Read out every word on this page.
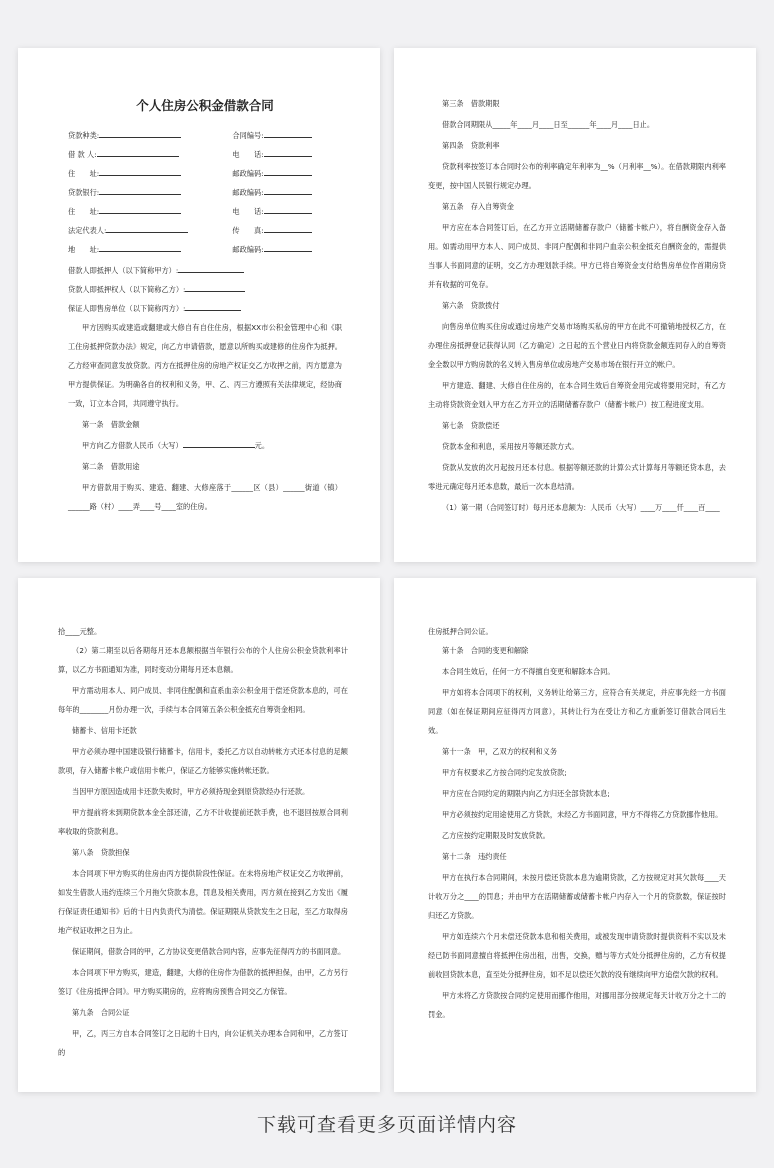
个人住房公积金借款合同
贷款种类:	合同编号:
借 款 人:	电　　话:
住　　址:	邮政编码:
贷款银行:	邮政编码:
住　　址:	电　　话:
法定代表人:	传　　真:
地　　址:	邮政编码:
借款人即抵押人（以下简称甲方）:
贷款人即抵押权人（以下简称乙方）:
保证人即售房单位（以下简称丙方）:

甲方因购买或建造或翻建或大修自有自住住房，根据XX市公积金管理中心和《职工住房抵押贷款办法》规定，向乙方申请借款，愿意以所购买或建修的住房作为抵押。乙方经审查同意发放贷款。丙方在抵押住房的房地产权证交乙方收押之前，丙方愿意为甲方提供保证。为明确各自的权利和义务，甲、乙、丙三方遵照有关法律规定，经协商一致，订立本合同，共同遵守执行。

第一条　借款金额

甲方向乙方借款人民币（大写）	元。

第二条　借款用途

甲方借款用于购买、建造、翻建、大修座落于______区（县）______街道（镇）______路（村）____弄____号____室的住房。

第三条　借款期限

借款合同期限从_____年____月____日至______年____月____日止。

第四条　贷款利率

贷款利率按签订本合同时公布的利率确定年利率为__%（月利率__%）。在借款期限内利率变更，按中国人民银行规定办理。

第五条　存入自筹资金

甲方应在本合同签订后，在乙方开立活期储蓄存款户（储蓄卡帐户），将自酬资金存入备用。如需动用甲方本人、同户成员、非同户配偶和非同户血亲公积金抵充自酬资金的，需提供当事人书面同意的证明，交乙方办理划款手续。甲方已将自筹资金支付给售房单位作首期房贷并有收据的可免存。

第六条　贷款拨付

向售房单位购买住房或通过房地产交易市场购买私房的甲方在此不可撤销地授权乙方，在办理住房抵押登记获得认同（乙方确定）之日起的五个营业日内将贷款金额连同存入的自筹资金全数以甲方购房款的名义转入售房单位或房地产交易市场在银行开立的帐户。

甲方建造、翻建、大修自住住房的，在本合同生效后自筹资金用完或将要用完时，有乙方主动将贷款资金划入甲方在乙方开立的活期储蓄存款户（储蓄卡帐户）按工程进度支用。

第七条　贷款偿还

贷款本金和利息，采用按月等额还款方式。

贷款从发放的次月起按月还本付息。根据等额还款的计算公式计算每月等额还贷本息，去零进元确定每月还本息数，最后一次本息结清。

（1）第一期（合同签订时）每月还本息额为：人民币（大写）____万____仟____百____

拾____元整。

（2）第二期至以后各期每月还本息额根据当年银行公布的个人住房公积金贷款利率计算，以乙方书面通知为准，同时变动分期每月还本息额。

甲方需动用本人、同户成员、非同住配偶和直系血亲公积金用于偿还贷款本息的，可在每年的________月份办理一次，手续与本合同第五条公积金抵充自筹资金相同。

储蓄卡、信用卡还款

甲方必须办理中国建设银行储蓄卡，信用卡，委托乙方以自动转帐方式还本付息的足额款项，存入储蓄卡帐户或信用卡帐户，保证乙方能够实施转帐还款。

当因甲方原因造成用卡还款失败时，甲方必须持现金到原贷款经办行还款。

甲方提前将未到期贷款本金全部还清，乙方不计收提前还款手费，也不退回按原合同利率收取的贷款利息。

第八条　贷款担保

本合同项下甲方购买的住房由丙方提供阶段性保证。在未将房地产权证交乙方收押前，如发生借款人违约连续三个月拖欠贷款本息，罚息及相关费用，丙方须在接到乙方发出《履行保证责任通知书》后的十日内负责代为清偿。保证期限从贷款发生之日起，至乙方取得房地产权证收押之日为止。

保证期间，借款合同的甲，乙方协议变更借款合同内容，应事先征得丙方的书面同意。

本合同项下甲方购买，建造，翻建，大修的住房作为借款的抵押担保，由甲，乙方另行签订《住房抵押合同》。甲方购买期房的，应将购房预售合同交乙方保管。

第九条　合同公证

甲，乙，丙三方自本合同签订之日起的十日内，向公证机关办理本合同和甲，乙方签订的

住房抵押合同公证。

第十条　合同的变更和解除

本合同生效后，任何一方不得擅自变更和解除本合同。

甲方如将本合同项下的权利，义务转让给第三方，应符合有关规定，并应事先经一方书面同意（如在保证期间应征得丙方同意），其转让行为在受让方和乙方重新签订借款合同后生效。

第十一条　甲，乙双方的权利和义务

甲方有权要求乙方按合同约定发放贷款;

甲方应在合同约定的期限内向乙方归还全部贷款本息;

甲方必须按约定用途使用乙方贷款，未经乙方书面同意，甲方不得将乙方贷款挪作他用。

乙方应按约定期限及时发放贷款。

第十二条　违约责任

甲方在执行本合同期间，未按月偿还贷款本息为逾期贷款，乙方按规定对其欠款每____天计收万分之____的罚息；并由甲方在活期储蓄或储蓄卡帐户内存入一个月的贷款数，保证按时归还乙方贷款。

甲方如连续六个月未偿还贷款本息和相关费用，或被发现申请贷款时提供资料不实以及未经已防书面同意擅自将抵押住房出租，出售，交换，赠与等方式处分抵押住房的，乙方有权提前收回贷款本息，直至处分抵押住房，如不足以偿还欠款的没有继续向甲方追偿欠款的权利。

甲方未将乙方贷款按合同约定使用而挪作他用，对挪用部分按规定每天计收万分之十二的罚金。

下载可查看更多页面详情内容
